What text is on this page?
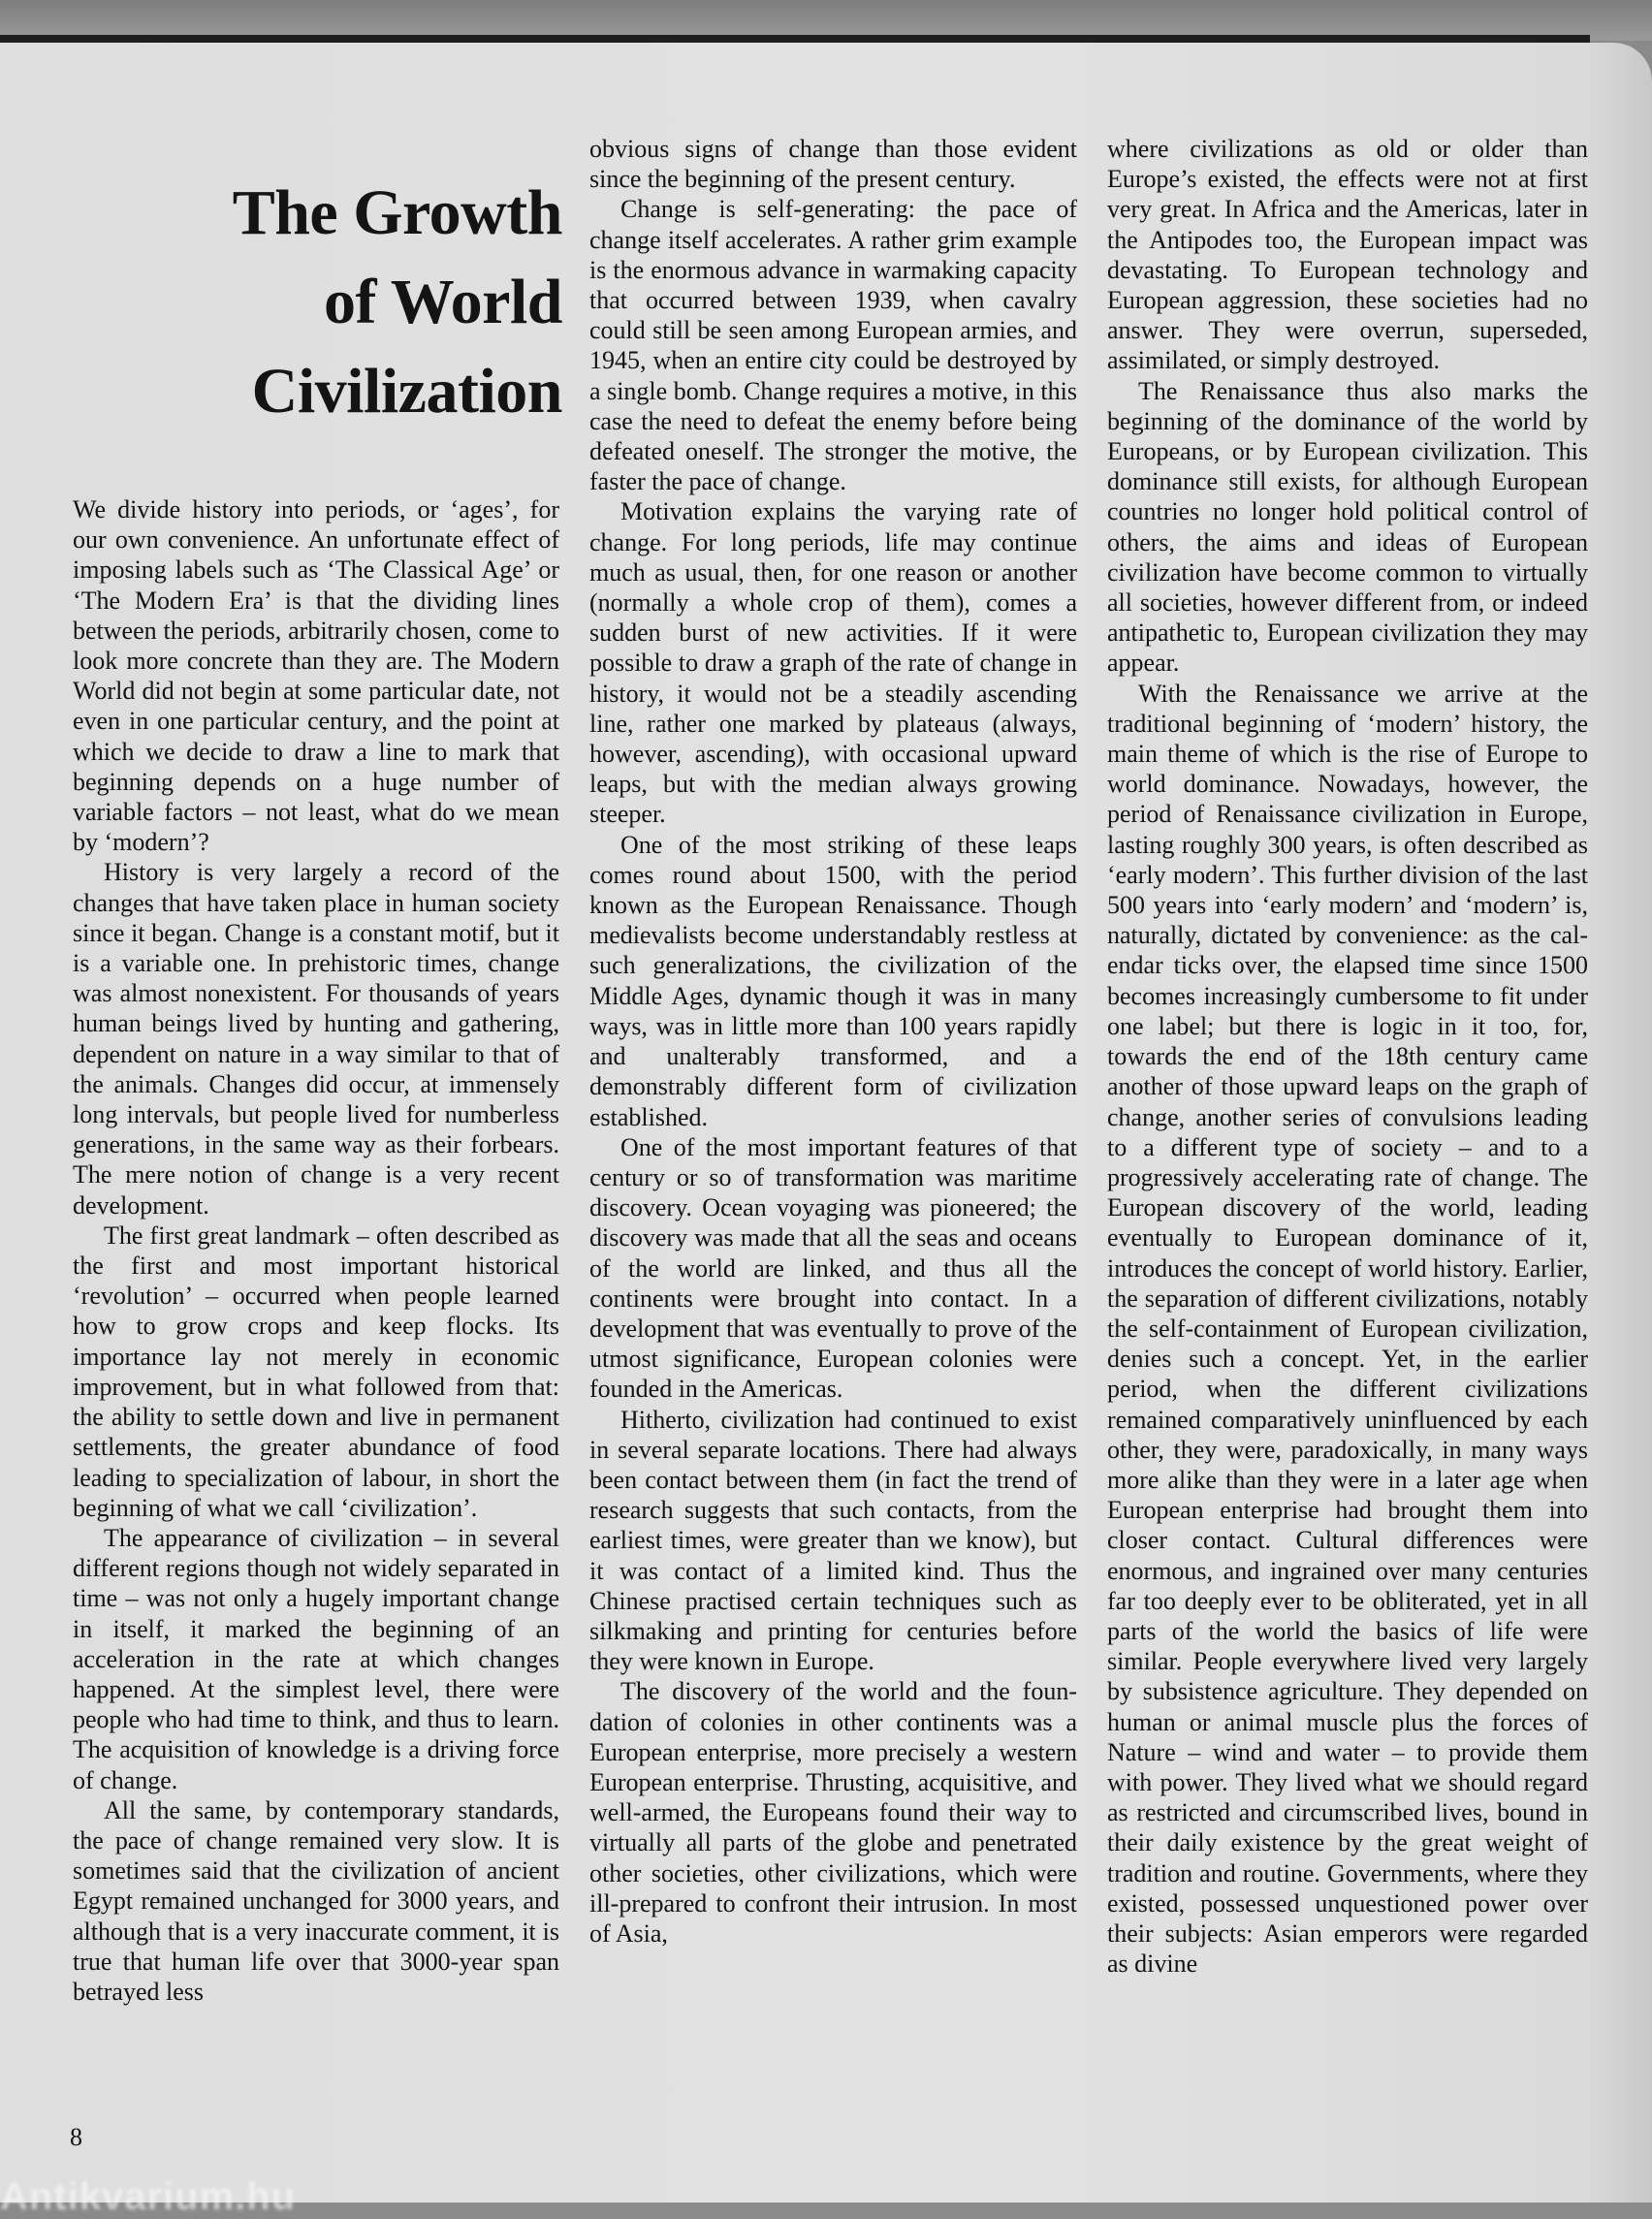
The Growth
of World
Civilization

We divide history into periods, or ‘ages’, for our own convenience. An unfortunate effect of imposing labels such as ‘The Classical Age’ or ‘The Modern Era’ is that the dividing lines between the periods, arbitrarily chosen, come to look more concrete than they are. The Modern World did not begin at some particular date, not even in one particular century, and the point at which we decide to draw a line to mark that beginning depends on a huge number of variable factors – not least, what do we mean by ‘modern’?

History is very largely a record of the changes that have taken place in human society since it began. Change is a constant motif, but it is a variable one. In prehistoric times, change was almost nonexistent. For thousands of years human beings lived by hunting and gathering, dependent on nature in a way similar to that of the animals. Changes did occur, at immensely long intervals, but people lived for numberless generations, in the same way as their forbears. The mere notion of change is a very recent development.

The first great landmark – often described as the first and most important historical ‘revolution’ – occurred when people learned how to grow crops and keep flocks. Its importance lay not merely in economic improvement, but in what followed from that: the ability to settle down and live in permanent settlements, the greater abundance of food leading to specialization of labour, in short the beginning of what we call ‘civilization’.

The appearance of civilization – in several different regions though not widely separated in time – was not only a hugely important change in itself, it marked the beginning of an acceleration in the rate at which changes happened. At the simplest level, there were people who had time to think, and thus to learn. The acquisition of knowledge is a driving force of change.

All the same, by contemporary standards, the pace of change remained very slow. It is sometimes said that the civilization of ancient Egypt remained unchanged for 3000 years, and although that is a very inaccurate comment, it is true that human life over that 3000-year span betrayed less

obvious signs of change than those evident since the beginning of the present century.

Change is self-generating: the pace of change itself accelerates. A rather grim example is the enormous advance in warmaking capacity that occurred between 1939, when cavalry could still be seen among European armies, and 1945, when an entire city could be destroyed by a single bomb. Change requires a motive, in this case the need to defeat the enemy before being defeated oneself. The stronger the motive, the faster the pace of change.

Motivation explains the varying rate of change. For long periods, life may continue much as usual, then, for one reason or another (normally a whole crop of them), comes a sudden burst of new activities. If it were possible to draw a graph of the rate of change in history, it would not be a steadily ascending line, rather one marked by plateaus (always, however, ascending), with occasional upward leaps, but with the median always growing steeper.

One of the most striking of these leaps comes round about 1500, with the period known as the European Renaissance. Though medievalists become understandably restless at such generalizations, the civilization of the Middle Ages, dynamic though it was in many ways, was in little more than 100 years rapidly and unalterably transformed, and a demonstrably different form of civilization established.

One of the most important features of that century or so of transformation was maritime discovery. Ocean voyaging was pioneered; the discovery was made that all the seas and oceans of the world are linked, and thus all the continents were brought into contact. In a development that was eventually to prove of the utmost significance, European colonies were founded in the Americas.

Hitherto, civilization had continued to exist in several separate locations. There had always been contact between them (in fact the trend of research suggests that such contacts, from the earliest times, were greater than we know), but it was contact of a limited kind. Thus the Chinese practised certain techniques such as silkmaking and printing for centuries before they were known in Europe.

The discovery of the world and the foundation of colonies in other continents was a European enterprise, more precisely a western European enterprise. Thrusting, acquisitive, and well-armed, the Europeans found their way to virtually all parts of the globe and penetrated other societies, other civilizations, which were ill-prepared to confront their intrusion. In most of Asia,

where civilizations as old or older than Europe’s existed, the effects were not at first very great. In Africa and the Americas, later in the Antipodes too, the European impact was devastating. To European technology and European aggression, these societies had no answer. They were overrun, superseded, assimilated, or simply destroyed.

The Renaissance thus also marks the beginning of the dominance of the world by Europeans, or by European civilization. This dominance still exists, for although European countries no longer hold political control of others, the aims and ideas of European civilization have become common to virtually all societies, however different from, or indeed antipathetic to, European civilization they may appear.

With the Renaissance we arrive at the traditional beginning of ‘modern’ history, the main theme of which is the rise of Europe to world dominance. Nowadays, however, the period of Renaissance civilization in Europe, lasting roughly 300 years, is often described as ‘early modern’. This further division of the last 500 years into ‘early modern’ and ‘modern’ is, naturally, dictated by convenience: as the calendar ticks over, the elapsed time since 1500 becomes increasingly cumbersome to fit under one label; but there is logic in it too, for, towards the end of the 18th century came another of those upward leaps on the graph of change, another series of convulsions leading to a different type of society – and to a progressively accelerating rate of change. The European discovery of the world, leading eventually to European dominance of it, introduces the concept of world history. Earlier, the separation of different civilizations, notably the self-containment of European civilization, denies such a concept. Yet, in the earlier period, when the different civilizations remained comparatively uninfluenced by each other, they were, paradoxically, in many ways more alike than they were in a later age when European enterprise had brought them into closer contact. Cultural differences were enormous, and ingrained over many centuries far too deeply ever to be obliterated, yet in all parts of the world the basics of life were similar. People everywhere lived very largely by subsistence agriculture. They depended on human or animal muscle plus the forces of Nature – wind and water – to provide them with power. They lived what we should regard as restricted and circumscribed lives, bound in their daily existence by the great weight of tradition and routine. Governments, where they existed, possessed unquestioned power over their subjects: Asian emperors were regarded as divine

8
Antikvarium.hu
